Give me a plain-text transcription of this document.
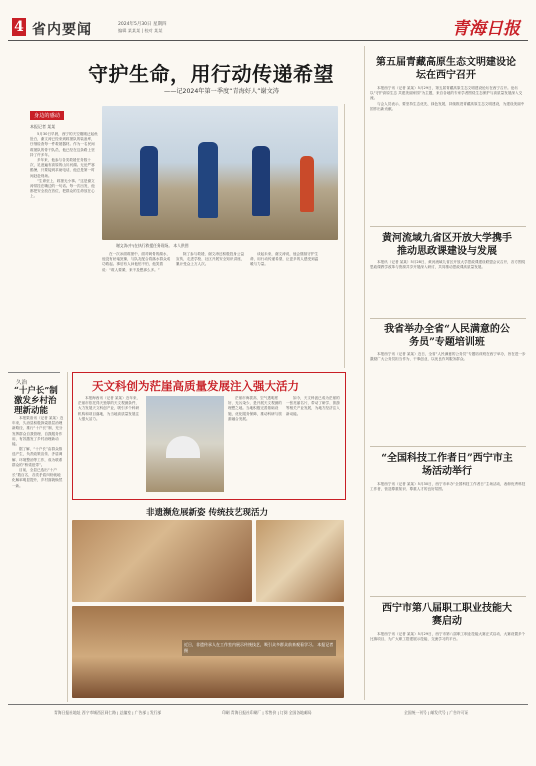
4 省内要闻	2024年5月30日 星期四
编辑 某某某 | 校对 某某	青海日报
守护生命，用行动传递希望
——记2024年第一季度“青海好人”谢文涛
身边的感动
本报记者 某某

5月30日早晨，西宁的天空刚刚泛起鱼肚白，谢文涛已经来到救援队的装备库，仔细检查每一件救援器材。作为一名民间救援队的骨干队员，他已经在这条路上坚持了许多年。

多年来，他参与各类救援任务数十次，足迹遍布高原的山川河湖。无论严寒酷暑，只要接到求助电话，他总是第一时间赶赴现场。

“生命至上，救援无小事。”这是谢文涛常挂在嘴边的一句话。每一次出发，他都把安全放在首位，把群众的生命放在心上。

谢文涛(中)在执行救援任务现场。 本人供图

在一次冰面救援中，面对刺骨的湖水，他没有丝毫犹豫，与队友配合将落水群众成功救起。事后有人问他怕不怕，他笑着说：“救人要紧，来不及想那么多。”

除了参与救援，谢文涛还积极投身公益宣传，走进学校、社区开展安全知识讲座，累计受众上万人次。

谈起未来，谢文涛说，他会继续守护生命，用行动传递希望，让更多的人感受到温暖与力量。

久治
“十户长”制激发乡村治理新动能

本报果洛讯（记者 某某）近年来，久治县积极探索基层治理新路径，推行“十户长”制，充分发挥群众自我管理、自我服务作用，有效激发了乡村治理新动能。

据了解，“十户长”由群众推选产生，负责政策宣传、矛盾调解、环境整治等工作，成为联系群众的“桥梁纽带”。

目前，全县已选出“十户长”数百名，各类矛盾纠纷就地化解率明显提升，乡村面貌焕然一新。

天文科创为茫崖高质量发展注入强大活力

本报海西讯（记者 某某）近年来，茫崖市依托得天独厚的天文观测条件，大力发展天文科创产业，吸引多个科研机构和项目落地，为当地高质量发展注入强大活力。

茫崖市海拔高、空气透明度好、光污染少，是开展天文观测的理想之地。当地积极完善基础设施，优化服务保障，推动科研与旅游融合发展。

如今，天文科创已成为茫崖的一张亮丽名片，带动了研学、旅游等相关产业发展，为地方经济注入新动能。

非遗濒危展新姿 传统技艺现活力
近日，非遗传承人在工作室内展示传统技艺，吸引众多群众前来观看学习。 本报记者 摄
第五届青藏高原生态文明建设论坛在西宁召开

本报西宁讯（记者 某某）5月29日，第五届青藏高原生态文明建设论坛在西宁召开。论坛以“守护高原生态 共建美丽家园”为主题，来自各地的专家学者围绕生态保护与高质量发展深入交流。

与会人员表示，要坚持生态优先、绿色发展，持续推进青藏高原生态文明建设，为建设美丽中国作出新贡献。

黄河流域九省区开放大学携手推动思政课建设与发展

本报讯（记者 某某）5月28日，黄河流域九省区开放大学思政课建设联盟会议召开，各方围绕思政课教学改革与资源共享开展深入研讨，共同推动思政课高质量发展。

我省举办全省“人民满意的公务员”专题培训班

本报西宁讯（记者 某某）近日，全省“人民满意的公务员”专题培训班在西宁举办，旨在进一步激励广大公务员担当作为、干事创业，以优良作风服务群众。

“全国科技工作者日”西宁市主场活动举行

本报西宁讯（记者 某某）5月30日，西宁市举办“全国科技工作者日”主场活动，表彰优秀科技工作者，营造尊重知识、尊重人才的良好氛围。

西宁市第八届职工职业技能大赛启动

本报西宁讯（记者 某某）5月29日，西宁市第八届职工职业技能大赛正式启动，大赛设置多个比赛项目，为广大职工搭建展示技能、交流学习的平台。

青海日报社地址 西宁市城西区同仁路 | 总编室 | 广告部 | 发行部	印刷 青海日报社印刷厂 | 零售价 | 订阅 全国各地邮局	全国统一刊号 | 邮发代号 | 广告许可证
